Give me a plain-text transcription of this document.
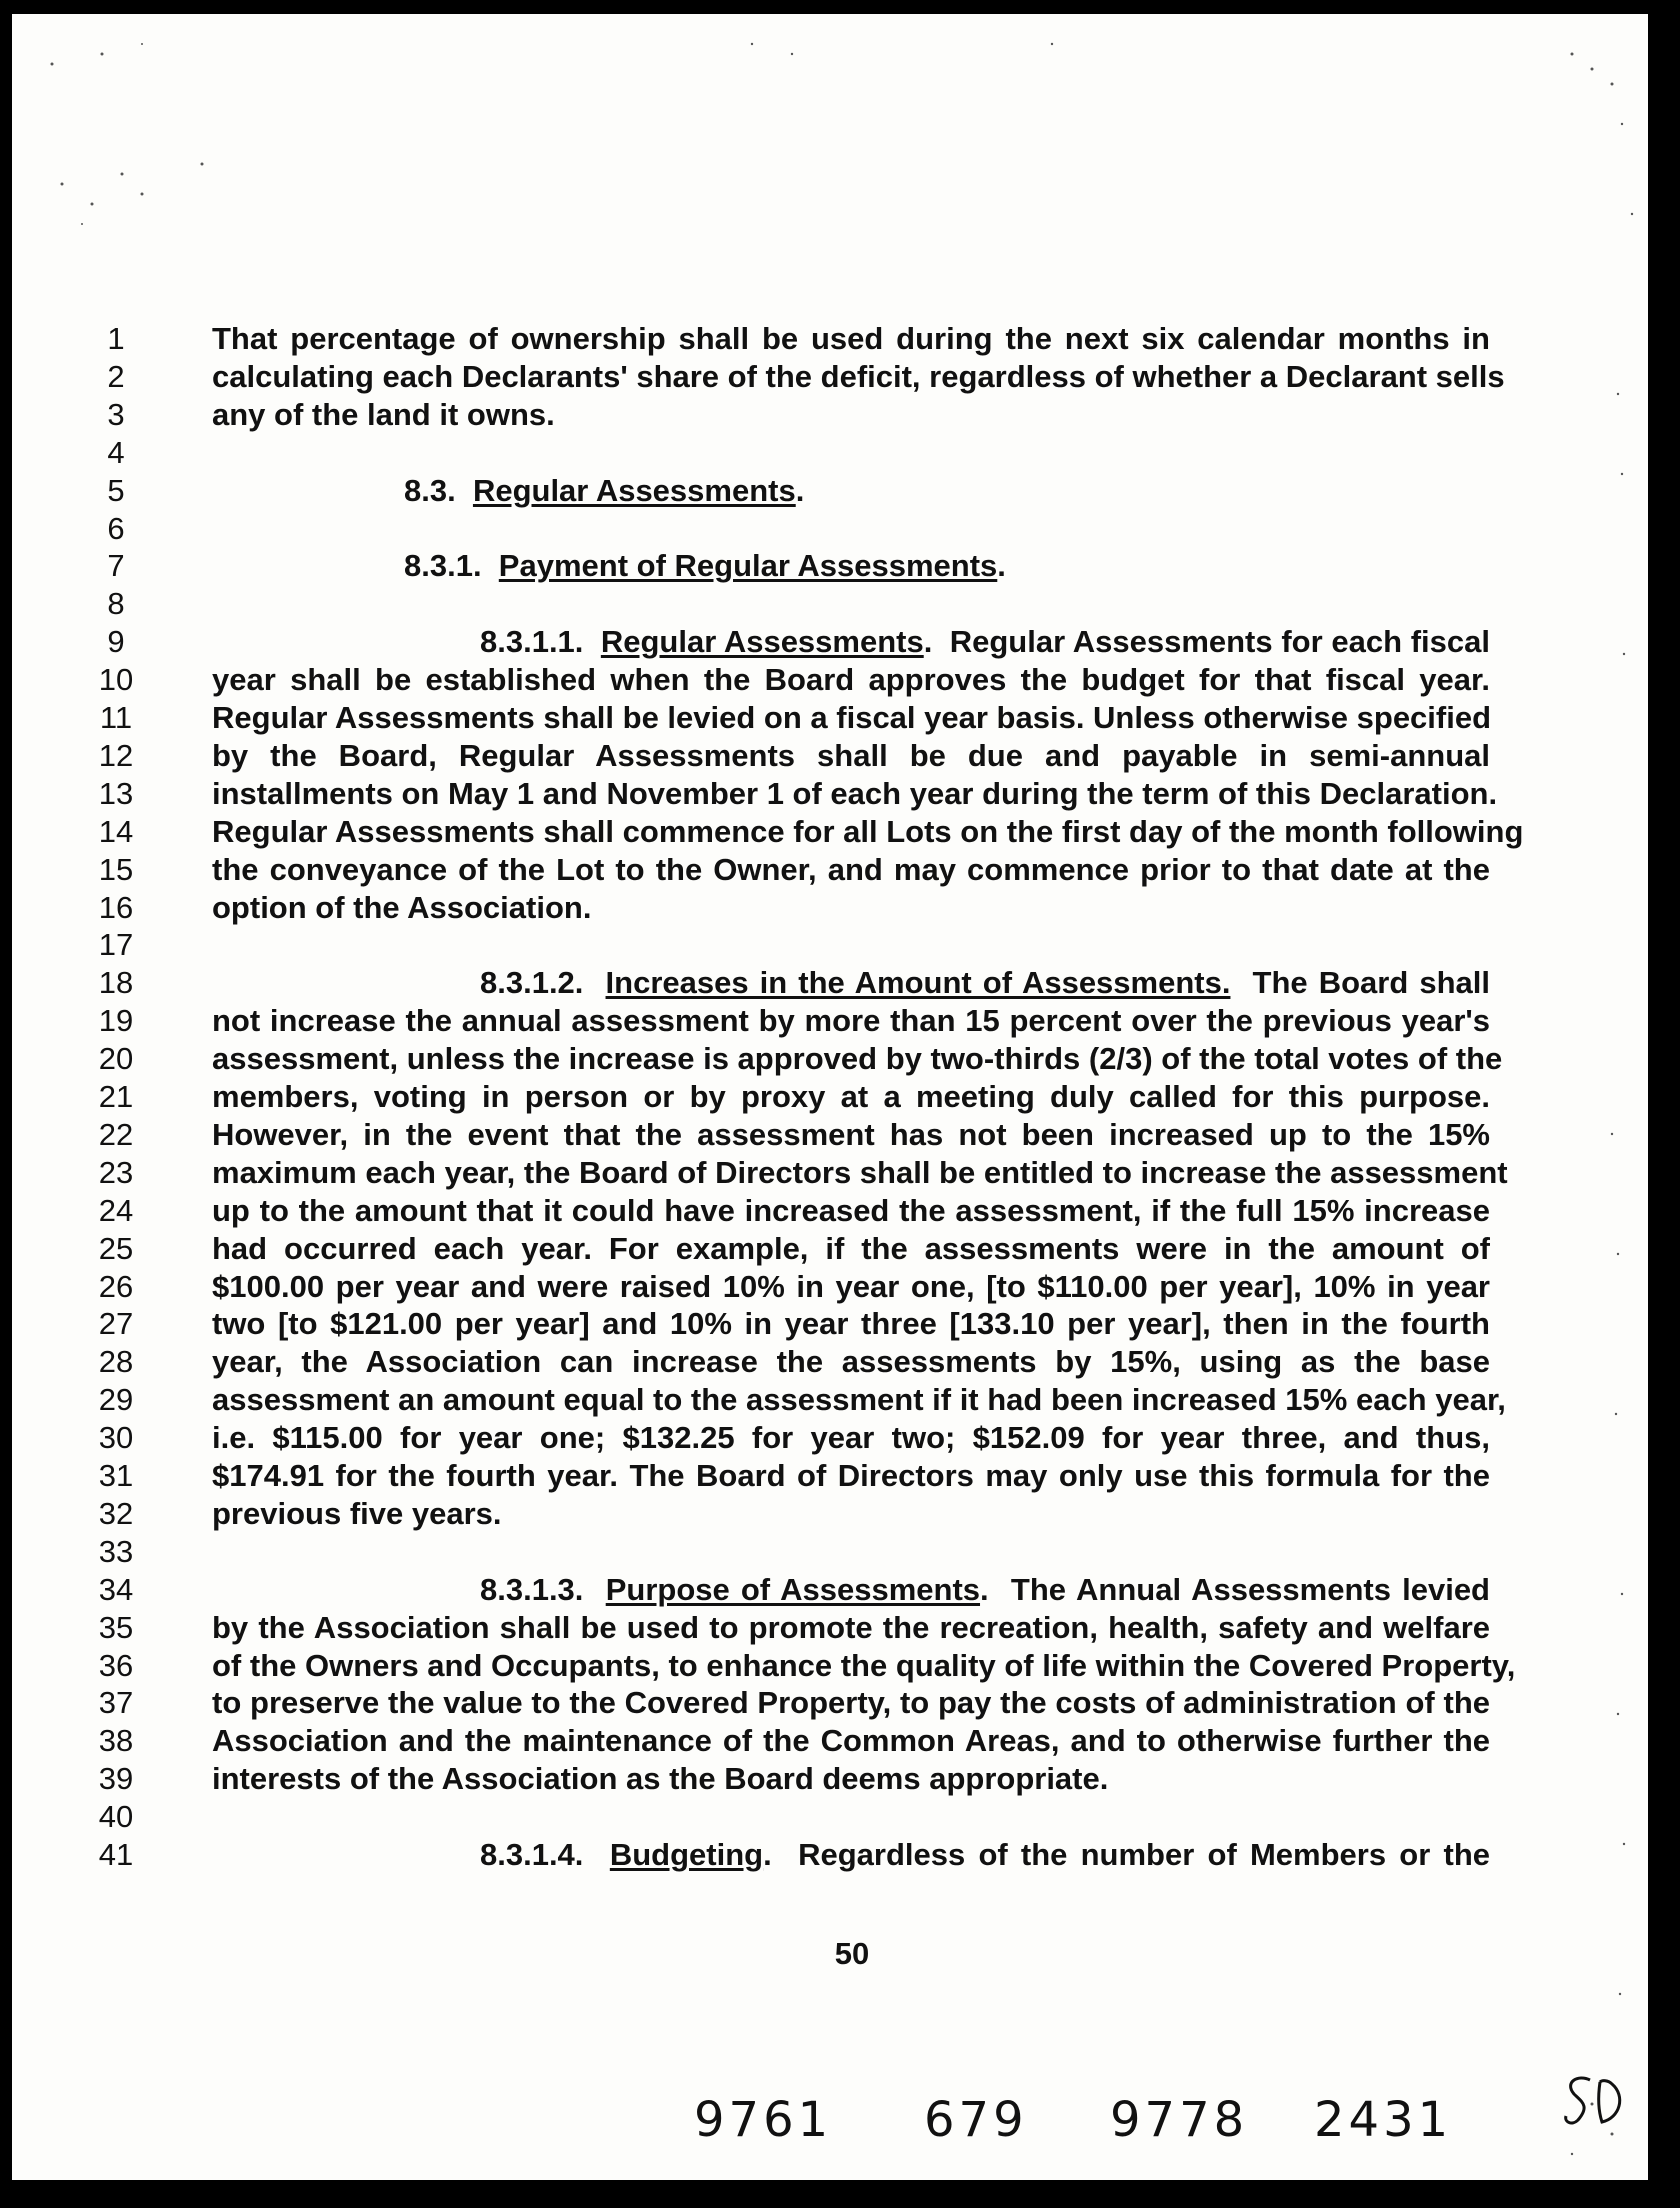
1	That percentage of ownership shall be used during the next six calendar months in
2	calculating each Declarants' share of the deficit, regardless of whether a Declarant sells
3	any of the land it owns.
4
5	8.3.  Regular Assessments.
6
7	8.3.1.  Payment of Regular Assessments.
8
9	8.3.1.1.  Regular Assessments.  Regular Assessments for each fiscal
10	year shall be established when the Board approves the budget for that fiscal year.
11	Regular Assessments shall be levied on a fiscal year basis. Unless otherwise specified
12	by the Board, Regular Assessments shall be due and payable in semi-annual
13	installments on May 1 and November 1 of each year during the term of this Declaration.
14	Regular Assessments shall commence for all Lots on the first day of the month following
15	the conveyance of the Lot to the Owner, and may commence prior to that date at the
16	option of the Association.
17
18	8.3.1.2.  Increases in the Amount of Assessments.  The Board shall
19	not increase the annual assessment by more than 15 percent over the previous year's
20	assessment, unless the increase is approved by two-thirds (2/3) of the total votes of the
21	members, voting in person or by proxy at a meeting duly called for this purpose.
22	However, in the event that the assessment has not been increased up to the 15%
23	maximum each year, the Board of Directors shall be entitled to increase the assessment
24	up to the amount that it could have increased the assessment, if the full 15% increase
25	had occurred each year. For example, if the assessments were in the amount of
26	$100.00 per year and were raised 10% in year one, [to $110.00 per year], 10% in year
27	two [to $121.00 per year] and 10% in year three [133.10 per year], then in the fourth
28	year, the Association can increase the assessments by 15%, using as the base
29	assessment an amount equal to the assessment if it had been increased 15% each year,
30	i.e. $115.00 for year one; $132.25 for year two; $152.09 for year three, and thus,
31	$174.91 for the fourth year. The Board of Directors may only use this formula for the
32	previous five years.
33
34	8.3.1.3.  Purpose of Assessments.  The Annual Assessments levied
35	by the Association shall be used to promote the recreation, health, safety and welfare
36	of the Owners and Occupants, to enhance the quality of life within the Covered Property,
37	to preserve the value to the Covered Property, to pay the costs of administration of the
38	Association and the maintenance of the Common Areas, and to otherwise further the
39	interests of the Association as the Board deems appropriate.
40
41	8.3.1.4.  Budgeting.  Regardless of the number of Members or the
50
9761 679 9778 2431
